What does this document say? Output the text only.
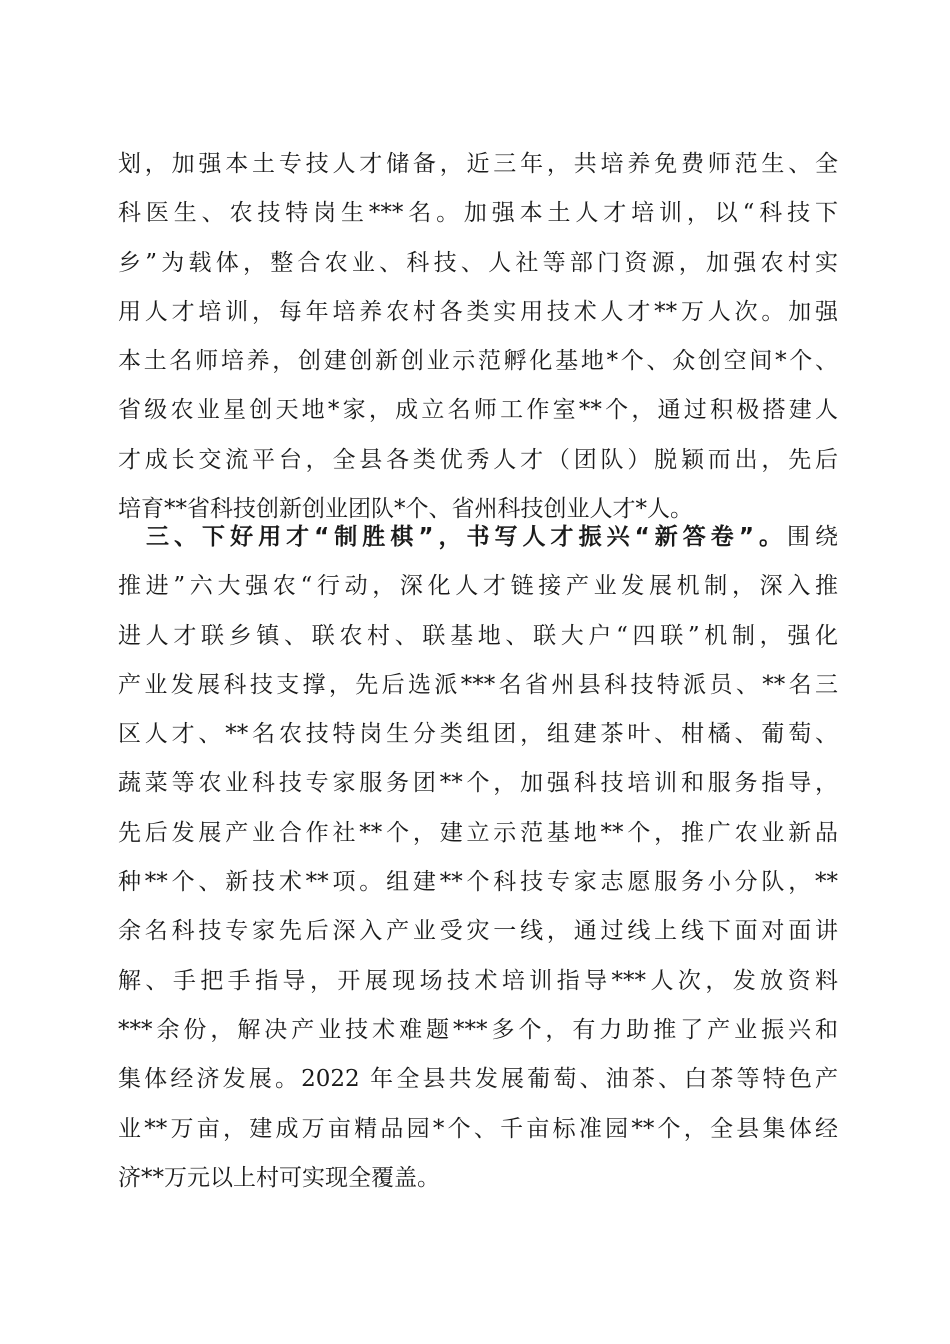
划，加强本土专技人才储备，近三年，共培养免费师范生、全
科医生、农技特岗生***名。加强本土人才培训，以“科技下
乡”为载体，整合农业、科技、人社等部门资源，加强农村实
用人才培训，每年培养农村各类实用技术人才**万人次。加强
本土名师培养，创建创新创业示范孵化基地*个、众创空间*个、
省级农业星创天地*家，成立名师工作室**个，通过积极搭建人
才成长交流平台，全县各类优秀人才（团队）脱颖而出，先后
培育**省科技创新创业团队*个、省州科技创业人才*人。
三、下好用才“制胜棋”，书写人才振兴“新答卷”。围绕
推进”六大强农“行动，深化人才链接产业发展机制，深入推
进人才联乡镇、联农村、联基地、联大户“四联”机制，强化
产业发展科技支撑，先后选派***名省州县科技特派员、**名三
区人才、**名农技特岗生分类组团，组建茶叶、柑橘、葡萄、
蔬菜等农业科技专家服务团**个，加强科技培训和服务指导，
先后发展产业合作社**个，建立示范基地**个，推广农业新品
种**个、新技术**项。组建**个科技专家志愿服务小分队，**
余名科技专家先后深入产业受灾一线，通过线上线下面对面讲
解、手把手指导，开展现场技术培训指导***人次，发放资料
***余份，解决产业技术难题***多个，有力助推了产业振兴和
集体经济发展。2022 年全县共发展葡萄、油茶、白茶等特色产
业**万亩，建成万亩精品园*个、千亩标准园**个，全县集体经
济**万元以上村可实现全覆盖。
